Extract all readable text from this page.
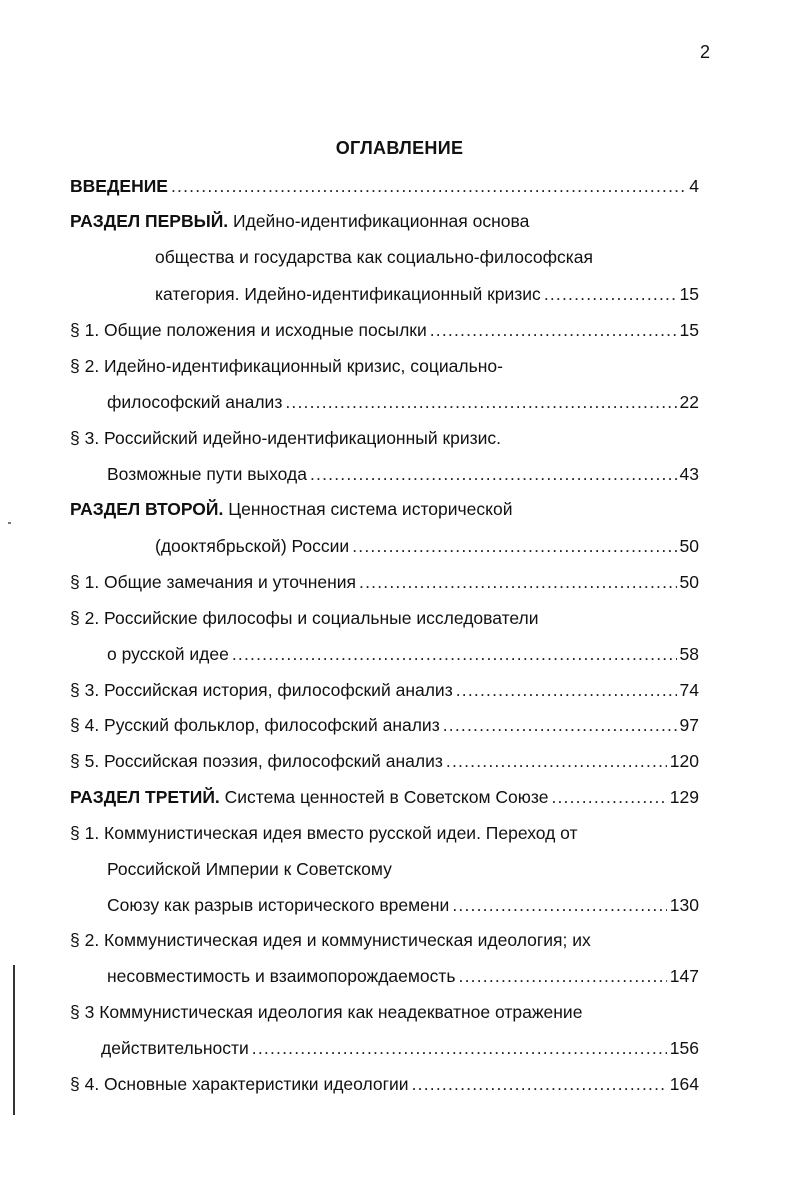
2
ОГЛАВЛЕНИЕ
ВВЕДЕНИЕ .....	4
РАЗДЕЛ ПЕРВЫЙ. Идейно-идентификационная основа
общества и государства как социально-философская
категория. Идейно-идентификационный кризис .....	15
§ 1. Общие положения и исходные посылки .....	15
§ 2. Идейно-идентификационный кризис, социально-
философский анализ .....	22
§ 3. Российский идейно-идентификационный кризис.
Возможные пути выхода .....	43
РАЗДЕЛ ВТОРОЙ. Ценностная система исторической
(дооктябрьской) России .....	50
§ 1. Общие замечания и уточнения .....	50
§ 2. Российские философы и социальные исследователи
о русской идее .....	58
§ 3. Российская история, философский анализ .....	74
§ 4. Русский фольклор, философский анализ .....	97
§ 5. Российская поэзия, философский анализ .....	120
РАЗДЕЛ ТРЕТИЙ. Система ценностей в Советском Союзе .....	129
§ 1. Коммунистическая идея вместо русской идеи. Переход от
Российской Империи к Советскому
Союзу как разрыв исторического времени .....	130
§ 2. Коммунистическая идея и коммунистическая идеология; их
несовместимость и взаимопорождаемость .....	147
§ 3 Коммунистическая идеология как неадекватное отражение
действительности .....	156
§ 4. Основные характеристики идеологии .....	164
